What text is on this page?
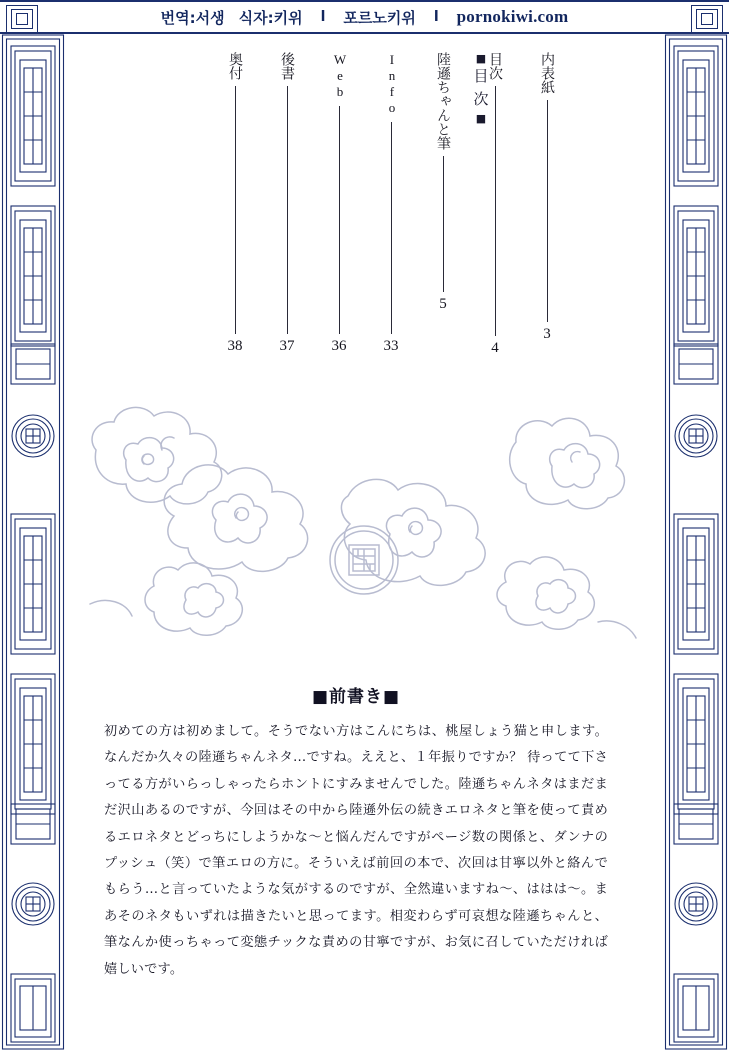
번역:서생 식자:키위 l 포르노키위 l pornokiwi.com
■
目
次
■
内表紙
3
目次
4
陸遜ちゃんと筆
5
Info
33
Web
36
後書
37
奥付
38
■前書き■
初めての方は初めまして。そうでない方はこんにちは、桃屋しょう猫と申します。なんだか久々の陸遜ちゃんネタ…ですね。ええと、１年振りですか？ 待ってて下さってる方がいらっしゃったらホントにすみませんでした。陸遜ちゃんネタはまだまだ沢山あるのですが、今回はその中から陸遜外伝の続きエロネタと筆を使って責めるエロネタとどっちにしようかな〜と悩んだんですがページ数の関係と、ダンナのプッシュ（笑）で筆エロの方に。そういえば前回の本で、次回は甘寧以外と絡んでもらう…と言っていたような気がするのですが、全然違いますね〜、ははは〜。まあそのネタもいずれは描きたいと思ってます。相変わらず可哀想な陸遜ちゃんと、筆なんか使っちゃって変態チックな責めの甘寧ですが、お気に召していただければ嬉しいです。
